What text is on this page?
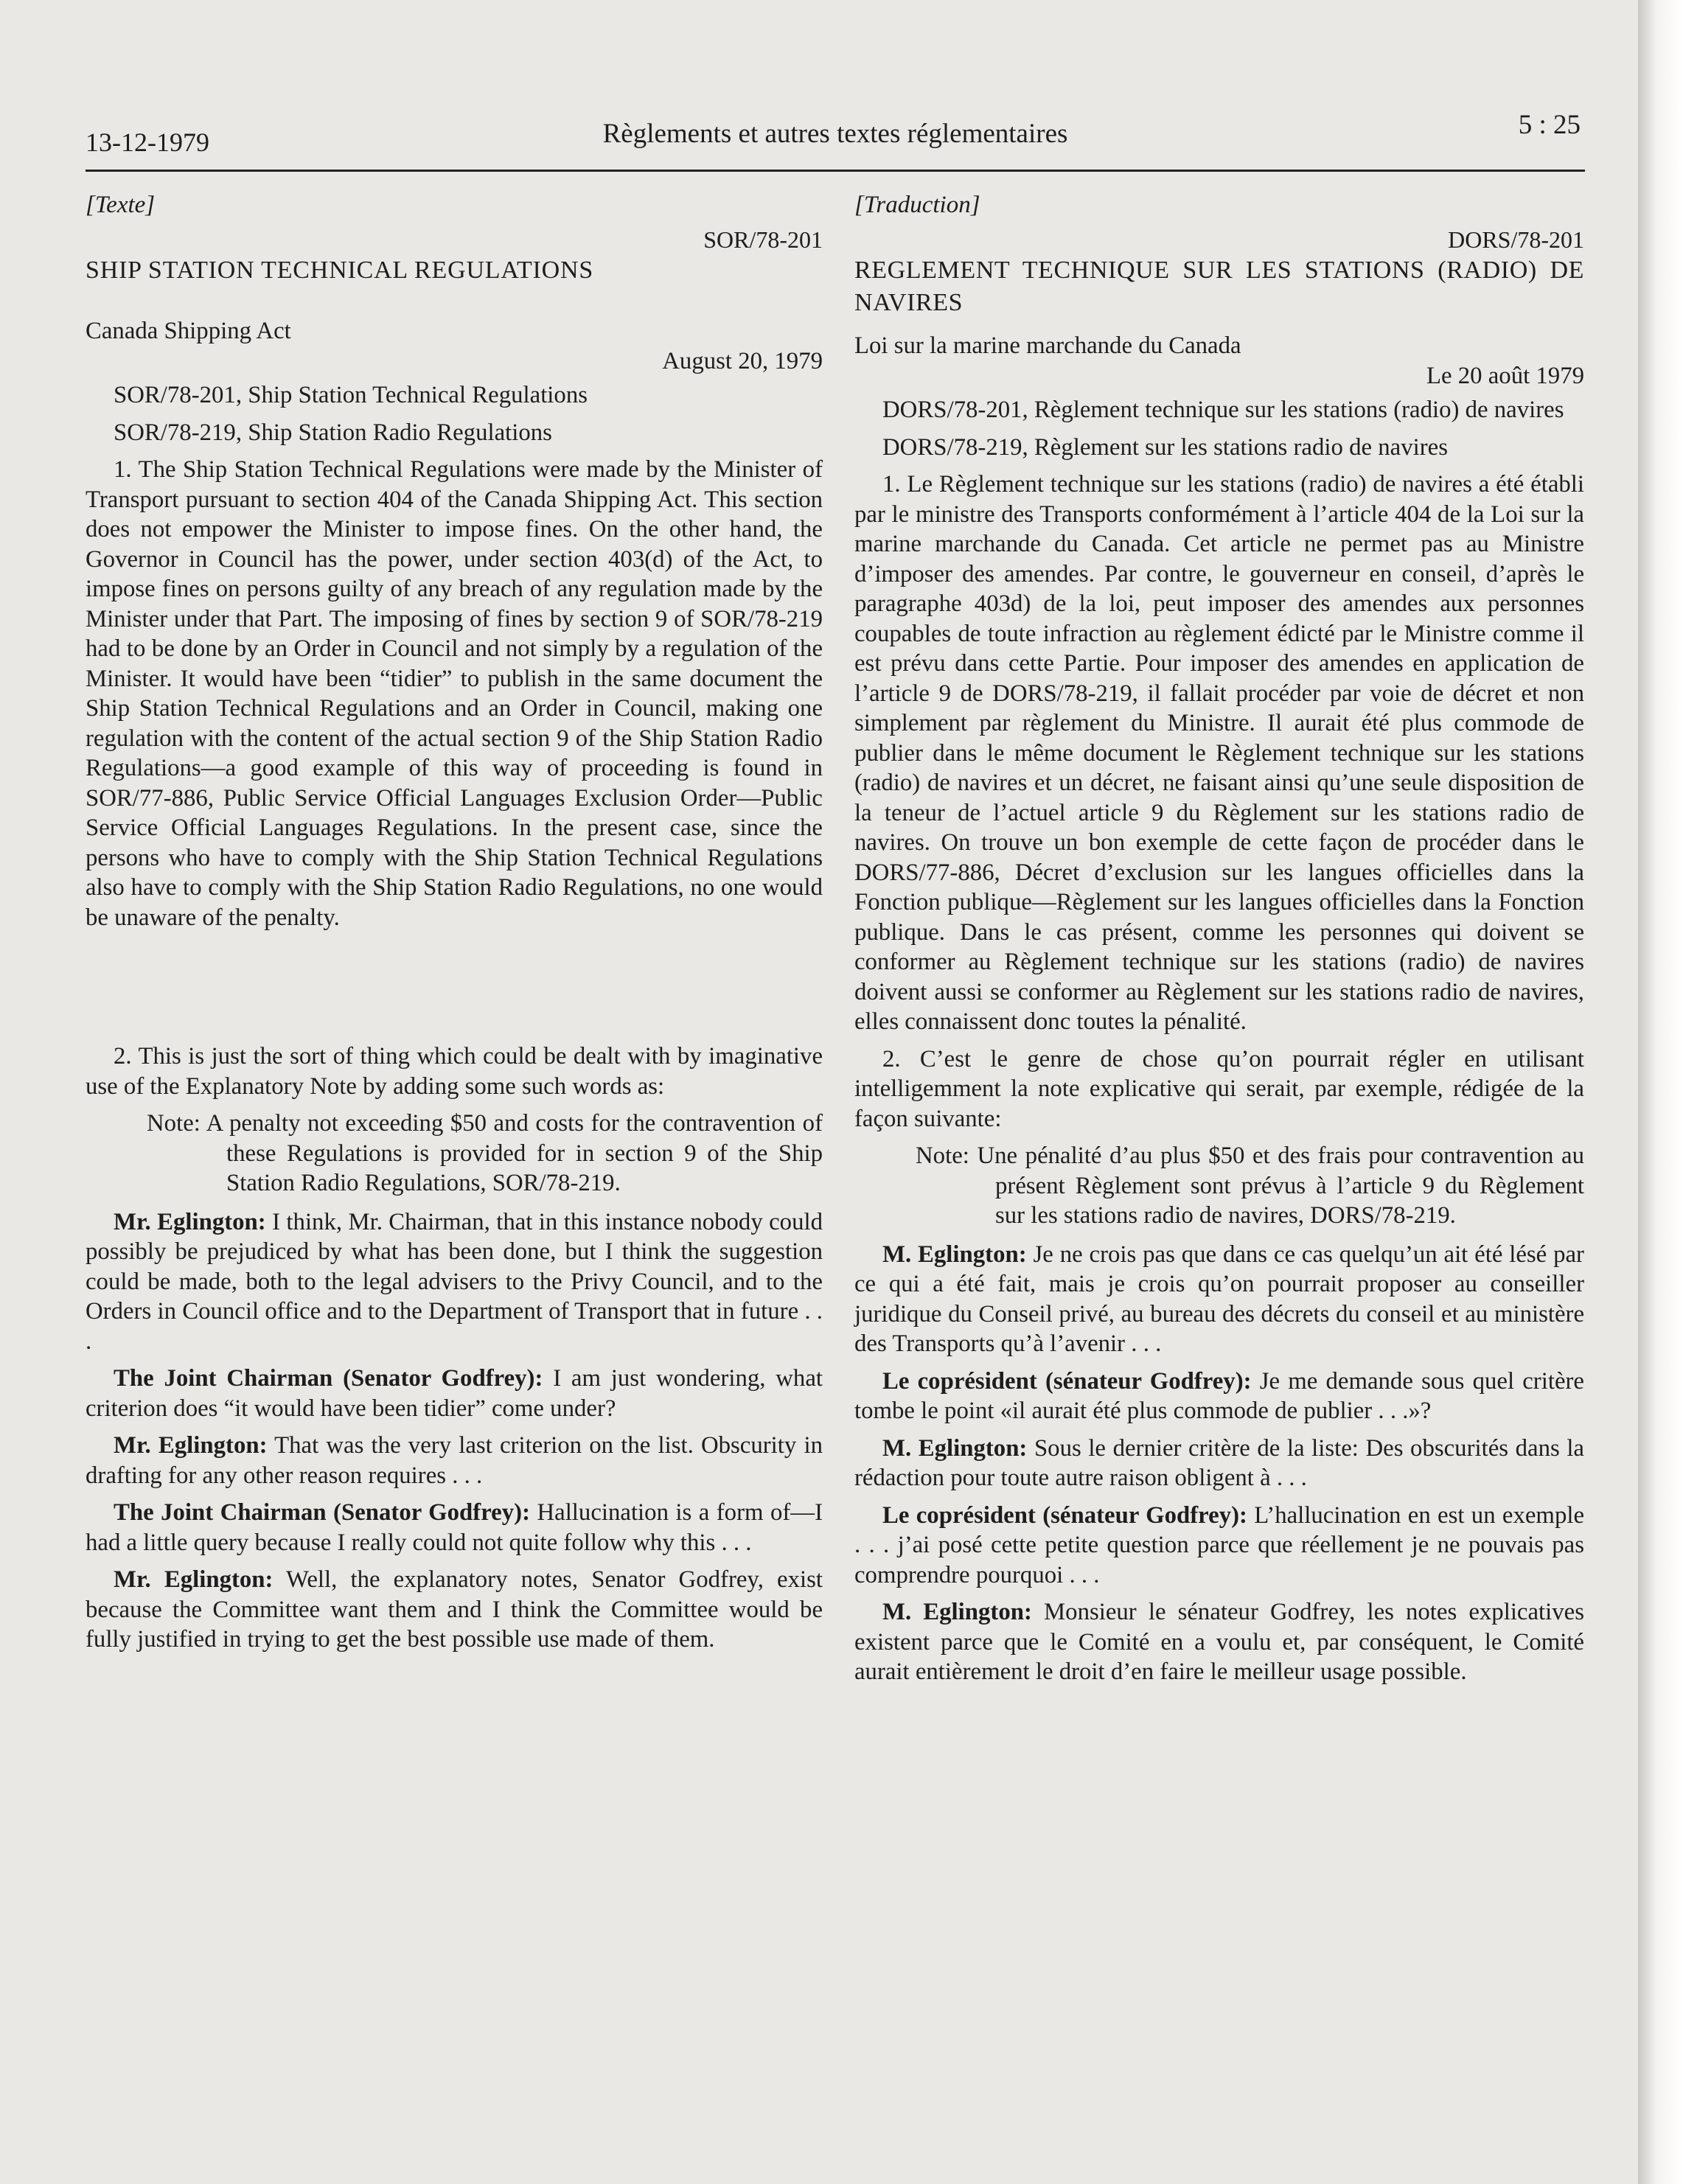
13-12-1979	Règlements et autres textes réglementaires	5 : 25

[Texte]

SOR/78-201

SHIP STATION TECHNICAL REGULATIONS

Canada Shipping Act

August 20, 1979

SOR/78-201, Ship Station Technical Regulations

SOR/78-219, Ship Station Radio Regulations

1. The Ship Station Technical Regulations were made by the Minister of Transport pursuant to section 404 of the Canada Shipping Act. This section does not empower the Minister to impose fines. On the other hand, the Governor in Council has the power, under section 403(d) of the Act, to impose fines on persons guilty of any breach of any regulation made by the Minister under that Part. The imposing of fines by section 9 of SOR/78-219 had to be done by an Order in Council and not simply by a regulation of the Minister. It would have been “tidier” to publish in the same document the Ship Station Technical Regulations and an Order in Council, making one regulation with the content of the actual section 9 of the Ship Station Radio Regulations—a good example of this way of proceeding is found in SOR/77-886, Public Service Official Languages Exclusion Order—Public Service Official Languages Regulations. In the present case, since the persons who have to comply with the Ship Station Technical Regulations also have to comply with the Ship Station Radio Regulations, no one would be unaware of the penalty.

2. This is just the sort of thing which could be dealt with by imaginative use of the Explanatory Note by adding some such words as:

Note: A penalty not exceeding $50 and costs for the contravention of these Regulations is provided for in section 9 of the Ship Station Radio Regulations, SOR/78-219.

Mr. Eglington: I think, Mr. Chairman, that in this instance nobody could possibly be prejudiced by what has been done, but I think the suggestion could be made, both to the legal advisers to the Privy Council, and to the Orders in Council office and to the Department of Transport that in future . . .

The Joint Chairman (Senator Godfrey): I am just wondering, what criterion does “it would have been tidier” come under?

Mr. Eglington: That was the very last criterion on the list. Obscurity in drafting for any other reason requires . . .

The Joint Chairman (Senator Godfrey): Hallucination is a form of—I had a little query because I really could not quite follow why this . . .

Mr. Eglington: Well, the explanatory notes, Senator Godfrey, exist because the Committee want them and I think the Committee would be fully justified in trying to get the best possible use made of them.

[Traduction]

DORS/78-201

REGLEMENT TECHNIQUE SUR LES STATIONS (RADIO) DE NAVIRES

Loi sur la marine marchande du Canada

Le 20 août 1979

DORS/78-201, Règlement technique sur les stations (radio) de navires

DORS/78-219, Règlement sur les stations radio de navires

1. Le Règlement technique sur les stations (radio) de navires a été établi par le ministre des Transports conformément à l’article 404 de la Loi sur la marine marchande du Canada. Cet article ne permet pas au Ministre d’imposer des amendes. Par contre, le gouverneur en conseil, d’après le paragraphe 403d) de la loi, peut imposer des amendes aux personnes coupables de toute infraction au règlement édicté par le Ministre comme il est prévu dans cette Partie. Pour imposer des amendes en application de l’article 9 de DORS/78-219, il fallait procéder par voie de décret et non simplement par règlement du Ministre. Il aurait été plus commode de publier dans le même document le Règlement technique sur les stations (radio) de navires et un décret, ne faisant ainsi qu’une seule disposition de la teneur de l’actuel article 9 du Règlement sur les stations radio de navires. On trouve un bon exemple de cette façon de procéder dans le DORS/77-886, Décret d’exclusion sur les langues officielles dans la Fonction publique—Règlement sur les langues officielles dans la Fonction publique. Dans le cas présent, comme les personnes qui doivent se conformer au Règlement technique sur les stations (radio) de navires doivent aussi se conformer au Règlement sur les stations radio de navires, elles connaissent donc toutes la pénalité.

2. C’est le genre de chose qu’on pourrait régler en utilisant intelligemment la note explicative qui serait, par exemple, rédigée de la façon suivante:

Note: Une pénalité d’au plus $50 et des frais pour contravention au présent Règlement sont prévus à l’article 9 du Règlement sur les stations radio de navires, DORS/78-219.

M. Eglington: Je ne crois pas que dans ce cas quelqu’un ait été lésé par ce qui a été fait, mais je crois qu’on pourrait proposer au conseiller juridique du Conseil privé, au bureau des décrets du conseil et au ministère des Transports qu’à l’avenir . . .

Le coprésident (sénateur Godfrey): Je me demande sous quel critère tombe le point «il aurait été plus commode de publier . . .»?

M. Eglington: Sous le dernier critère de la liste: Des obscurités dans la rédaction pour toute autre raison obligent à . . .

Le coprésident (sénateur Godfrey): L’hallucination en est un exemple . . . j’ai posé cette petite question parce que réellement je ne pouvais pas comprendre pourquoi . . .

M. Eglington: Monsieur le sénateur Godfrey, les notes explicatives existent parce que le Comité en a voulu et, par conséquent, le Comité aurait entièrement le droit d’en faire le meilleur usage possible.
